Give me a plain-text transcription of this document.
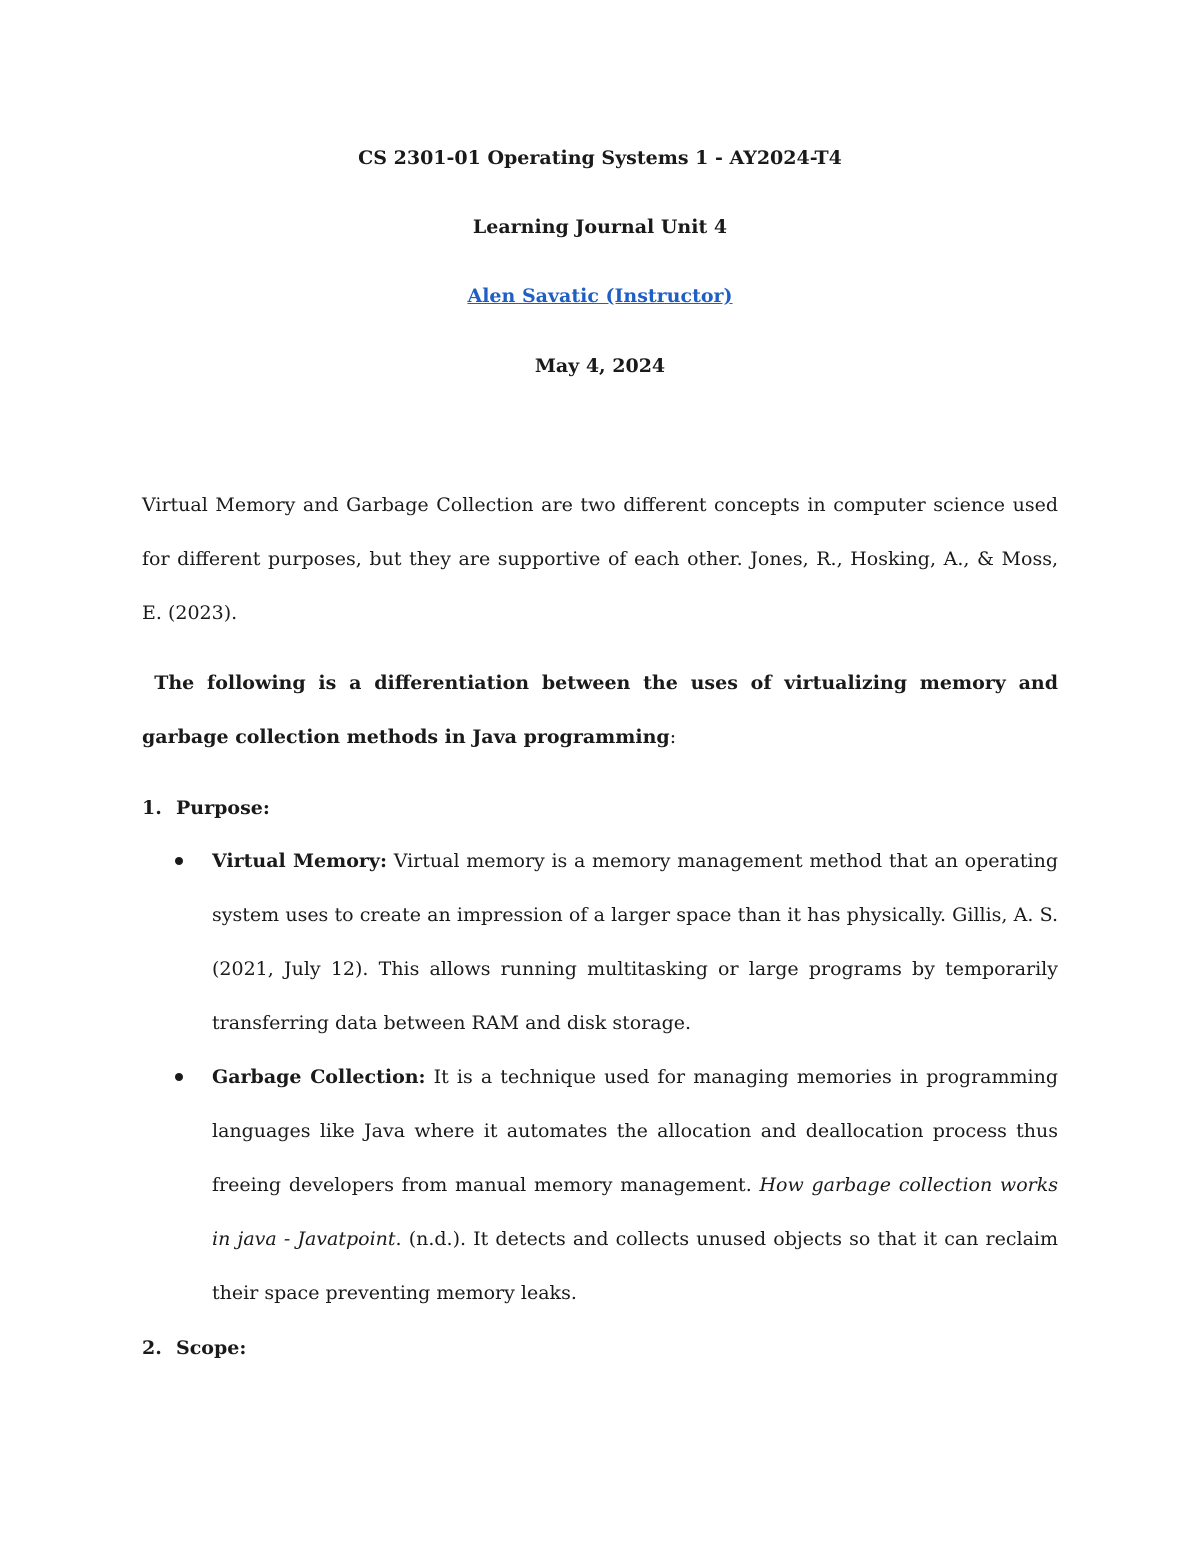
CS 2301-01 Operating Systems 1 - AY2024-T4
Learning Journal Unit 4
Alen Savatic (Instructor)
May 4, 2024

Virtual Memory and Garbage Collection are two different concepts in computer science used for different purposes, but they are supportive of each other. Jones, R., Hosking, A., & Moss, E. (2023).

The following is a differentiation between the uses of virtualizing memory and garbage collection methods in Java programming:

1. Purpose:
Virtual Memory: Virtual memory is a memory management method that an operating system uses to create an impression of a larger space than it has physically. Gillis, A. S. (2021, July 12). This allows running multitasking or large programs by temporarily transferring data between RAM and disk storage.
Garbage Collection: It is a technique used for managing memories in programming languages like Java where it automates the allocation and deallocation process thus freeing developers from manual memory management. How garbage collection works in java - Javatpoint. (n.d.). It detects and collects unused objects so that it can reclaim their space preventing memory leaks.
2. Scope:
